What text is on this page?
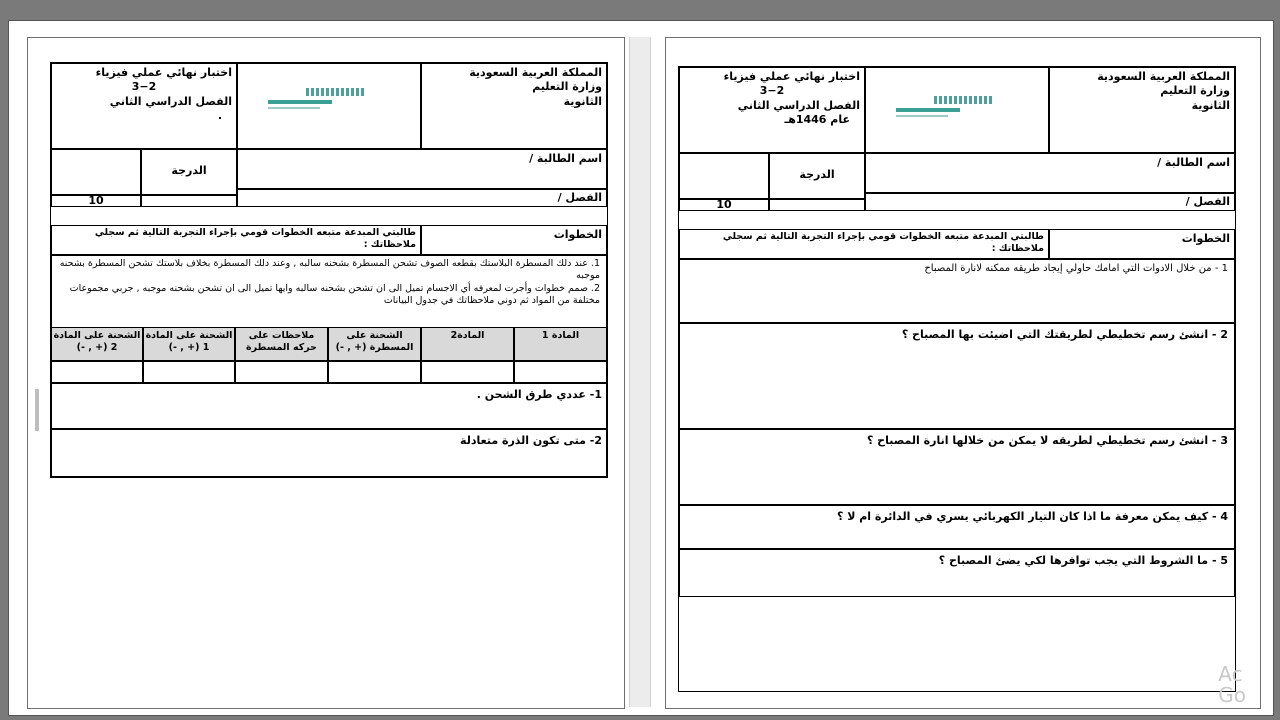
المملكة العربية السعودية
وزارة التعليم
الثانوية
اختبار نهائي عملي فيزياء
3−2
الفصل الدراسي الثاني
.
اسم الطالبة /
الفصل /
الدرجة
10
الخطوات
طالبتي المبدعة متبعه الخطوات قومي بإجراء التجربة التالية ثم سجلي ملاحظاتك :
1. عند دلك المسطرة البلاستك بقطعه الصوف تشحن المسطرة بشحنه سالبه , وعند دلك المسطرة بخلاف بلاستك تشحن المسطرة بشحنه موجبه
2. صمم خطوات وأجرت لمعرفه أي الاجسام تميل الى ان تشحن بشحنه سالبه وايها تميل الى ان تشحن بشحنه موجبه , جربي مجموعات مختلفة من المواد ثم دوني ملاحظاتك في جدول البيانات
المادة 1
المادة2
الشحنة على المسطرة (+ , -)
ملاحظات على حركه المسطرة
الشحنة على المادة 1 (+ , -)
الشحنة على المادة 2 (+ , -)
1- عددي طرق الشحن .
2- متى تكون الذرة متعادلة
المملكة العربية السعودية
وزارة التعليم
الثانوية
اختبار نهائي عملي فيزياء
3−2
الفصل الدراسي الثاني
عام 1446هـ
اسم الطالبة /
الفصل /
الدرجة
10
الخطوات
طالبتي المبدعة متبعه الخطوات قومي بإجراء التجربة التالية ثم سجلي ملاحظاتك :
1 - من خلال الادوات التي امامك حاولي إيجاد طريقه ممكنه لانارة المصباح
2 - انشئ رسم تخطيطي لطريقتك التي اضيئت بها المصباح ؟
3 - انشئ رسم تخطيطي لطريقه لا يمكن من خلالها انارة المصباح ؟
4 - كيف يمكن معرفة ما اذا كان التيار الكهربائي يسري في الدائرة ام لا ؟
5 - ما الشروط التي يجب توافرها لكي يضئ المصباح ؟
Ac
Go
